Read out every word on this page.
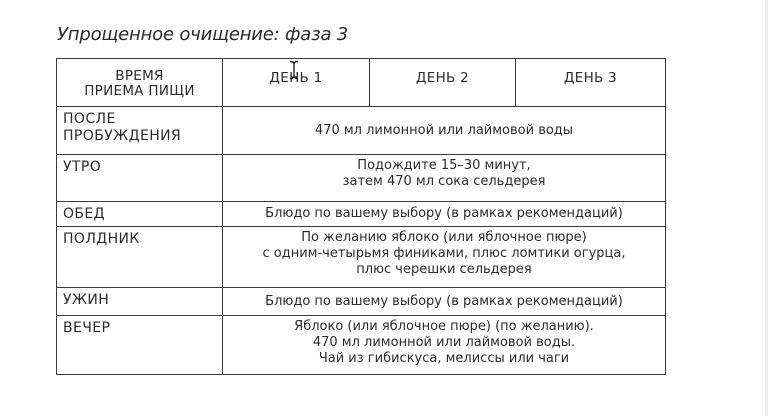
Упрощенное очищение: фаза 3
ВРЕМЯ
ПРИЕМА ПИЩИ	ДЕНЬ 1	ДЕНЬ 2	ДЕНЬ 3

ПОСЛЕ
ПРОБУЖДЕНИЯ	470 мл лимонной или лаймовой воды		

УТРО	Подождите 15–30 минут,
затем 470 мл сока сельдерея		

ОБЕД	Блюдо по вашему выбору (в рамках рекомендаций)		

ПОЛДНИК	По желанию яблоко (или яблочное пюре)
с одним-четырьмя финиками, плюс ломтики огурца,
плюс черешки сельдерея		

УЖИН	Блюдо по вашему выбору (в рамках рекомендаций)		

ВЕЧЕР	Яблоко (или яблочное пюре) (по желанию).
470 мл лимонной или лаймовой воды.
Чай из гибискуса, мелиссы или чаги		
